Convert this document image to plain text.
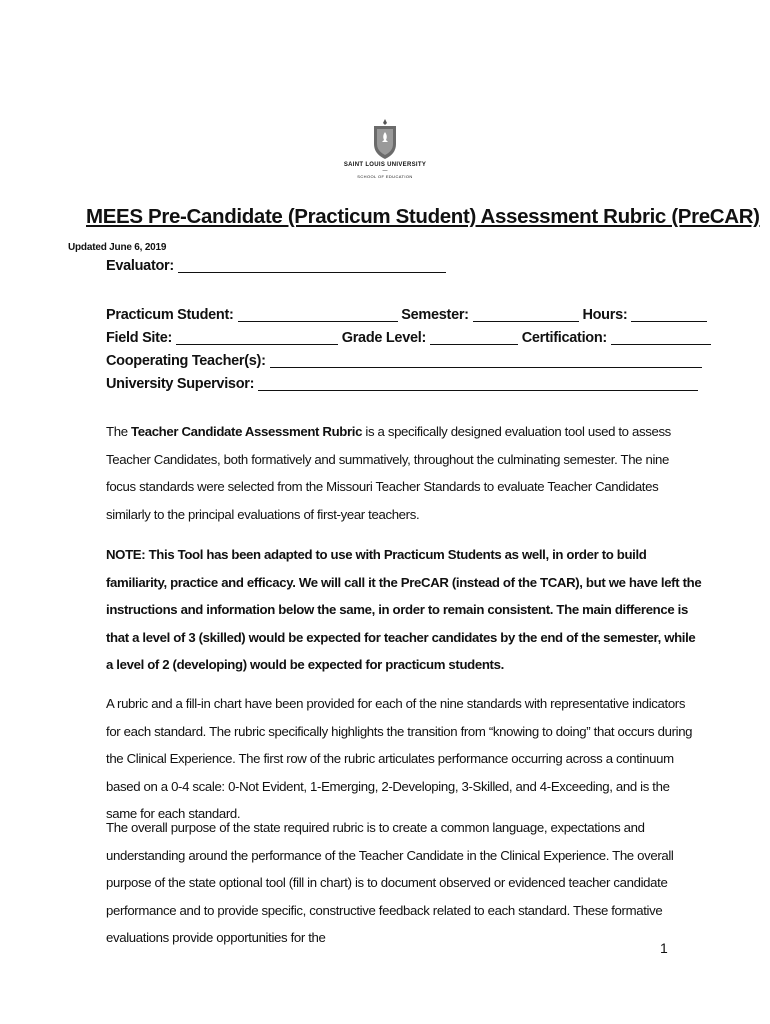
SAINT LOUIS UNIVERSITY
—
SCHOOL OF EDUCATION
MEES Pre-Candidate (Practicum Student) Assessment Rubric (PreCAR)
Updated June 6, 2019
Evaluator:
Practicum Student:	Semester:	Hours:
Field Site:	Grade Level:	Certification:
Cooperating Teacher(s):
University Supervisor:
The Teacher Candidate Assessment Rubric is a specifically designed evaluation tool used to assess Teacher Candidates, both formatively and summatively, throughout the culminating semester. The nine focus standards were selected from the Missouri Teacher Standards to evaluate Teacher Candidates similarly to the principal evaluations of first-year teachers.
NOTE: This Tool has been adapted to use with Practicum Students as well, in order to build familiarity, practice and efficacy. We will call it the PreCAR (instead of the TCAR), but we have left the instructions and information below the same, in order to remain consistent. The main difference is that a level of 3 (skilled) would be expected for teacher candidates by the end of the semester, while a level of 2 (developing) would be expected for practicum students.
A rubric and a fill-in chart have been provided for each of the nine standards with representative indicators for each standard. The rubric specifically highlights the transition from “knowing to doing” that occurs during the Clinical Experience. The first row of the rubric articulates performance occurring across a continuum based on a 0-4 scale: 0-Not Evident, 1-Emerging, 2-Developing, 3-Skilled, and 4-Exceeding, and is the same for each standard.
The overall purpose of the state required rubric is to create a common language, expectations and understanding around the performance of the Teacher Candidate in the Clinical Experience. The overall purpose of the state optional tool (fill in chart) is to document observed or evidenced teacher candidate performance and to provide specific, constructive feedback related to each standard. These formative evaluations provide opportunities for the
1
